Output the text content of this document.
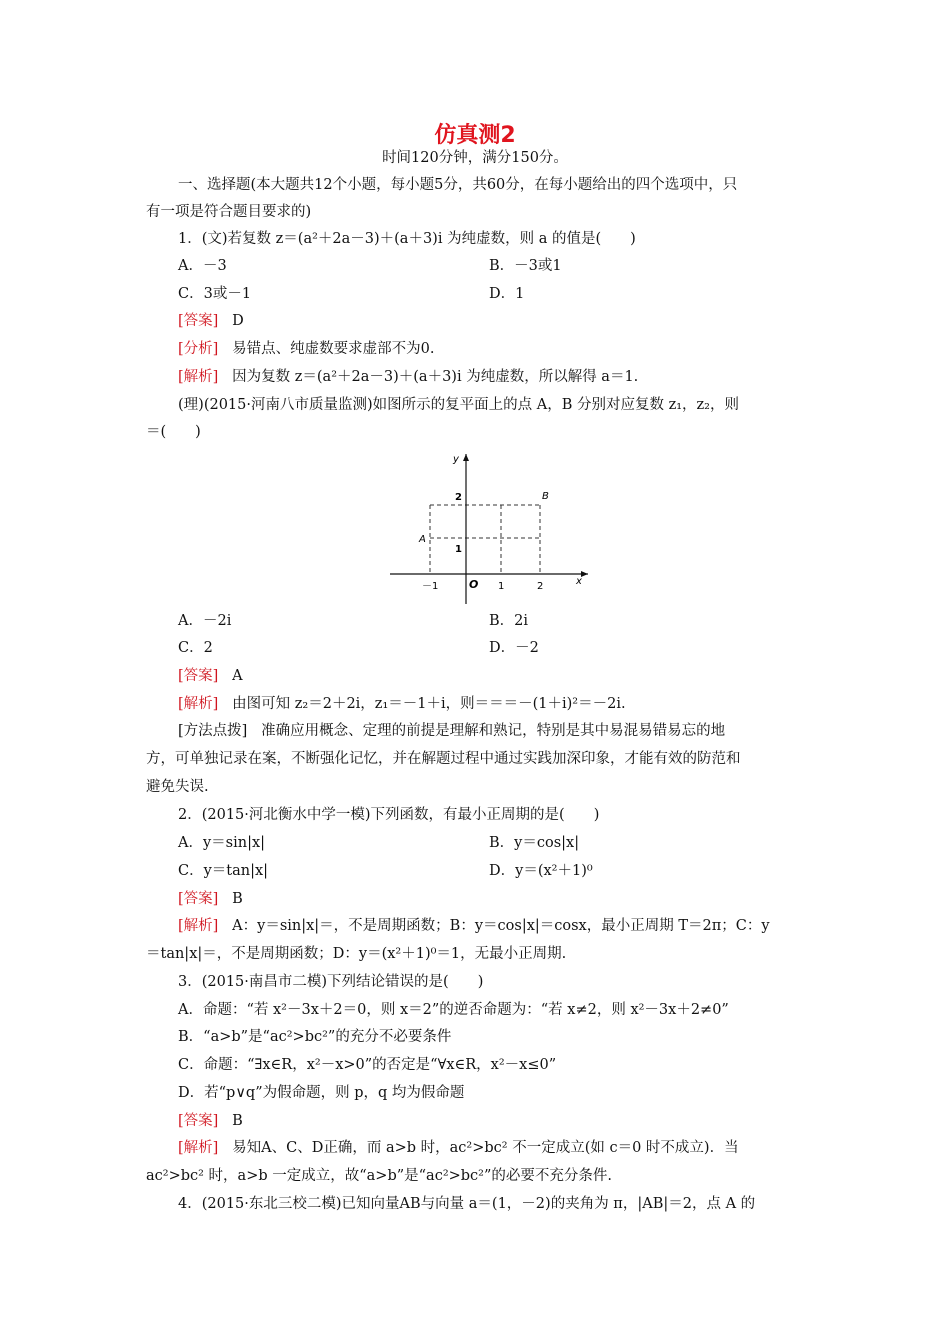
仿真测2
时间120分钟，满分150分。
一、选择题(本大题共12个小题，每小题5分，共60分，在每小题给出的四个选项中，只
有一项是符合题目要求的)
1．(文)若复数 z＝(a²＋2a－3)＋(a＋3)i 为纯虚数，则 a 的值是(　　)
A．－3	B．－3或1
C．3或－1	D．1
[答案] D
[分析] 易错点、纯虚数要求虚部不为0.
[解析] 因为复数 z＝(a²＋2a－3)＋(a＋3)i 为纯虚数，所以解得 a＝1.
(理)(2015·河南八市质量监测)如图所示的复平面上的点 A，B 分别对应复数 z₁，z₂，则
＝(　　)
x
y
O
－1	1	2
1
2
A
B
A．－2i	B．2i
C．2	D．－2
[答案] A
[解析] 由图可知 z₂＝2＋2i，z₁＝－1＋i，则＝＝＝－(1＋i)²＝－2i.
[方法点拨] 准确应用概念、定理的前提是理解和熟记，特别是其中易混易错易忘的地
方，可单独记录在案，不断强化记忆，并在解题过程中通过实践加深印象，才能有效的防范和
避免失误.
2．(2015·河北衡水中学一模)下列函数，有最小正周期的是(　　)
A．y＝sin|x|	B．y＝cos|x|
C．y＝tan|x|	D．y＝(x²＋1)⁰
[答案] B
[解析] A：y＝sin|x|＝，不是周期函数；B：y＝cos|x|＝cosx，最小正周期 T＝2π；C：y
＝tan|x|＝，不是周期函数；D：y＝(x²＋1)⁰＝1，无最小正周期.
3．(2015·南昌市二模)下列结论错误的是(　　)
A．命题：“若 x²－3x＋2＝0，则 x＝2”的逆否命题为：“若 x≠2，则 x²－3x＋2≠0”
B．“a>b”是“ac²>bc²”的充分不必要条件
C．命题：“∃x∈R，x²－x>0”的否定是“∀x∈R，x²－x≤0”
D．若“p∨q”为假命题，则 p，q 均为假命题
[答案] B
[解析] 易知A、C、D正确，而 a>b 时，ac²>bc² 不一定成立(如 c＝0 时不成立)．当
ac²>bc² 时，a>b 一定成立，故“a>b”是“ac²>bc²”的必要不充分条件.
4．(2015·东北三校二模)已知向量AB与向量 a＝(1，－2)的夹角为 π，|AB|＝2，点 A 的
